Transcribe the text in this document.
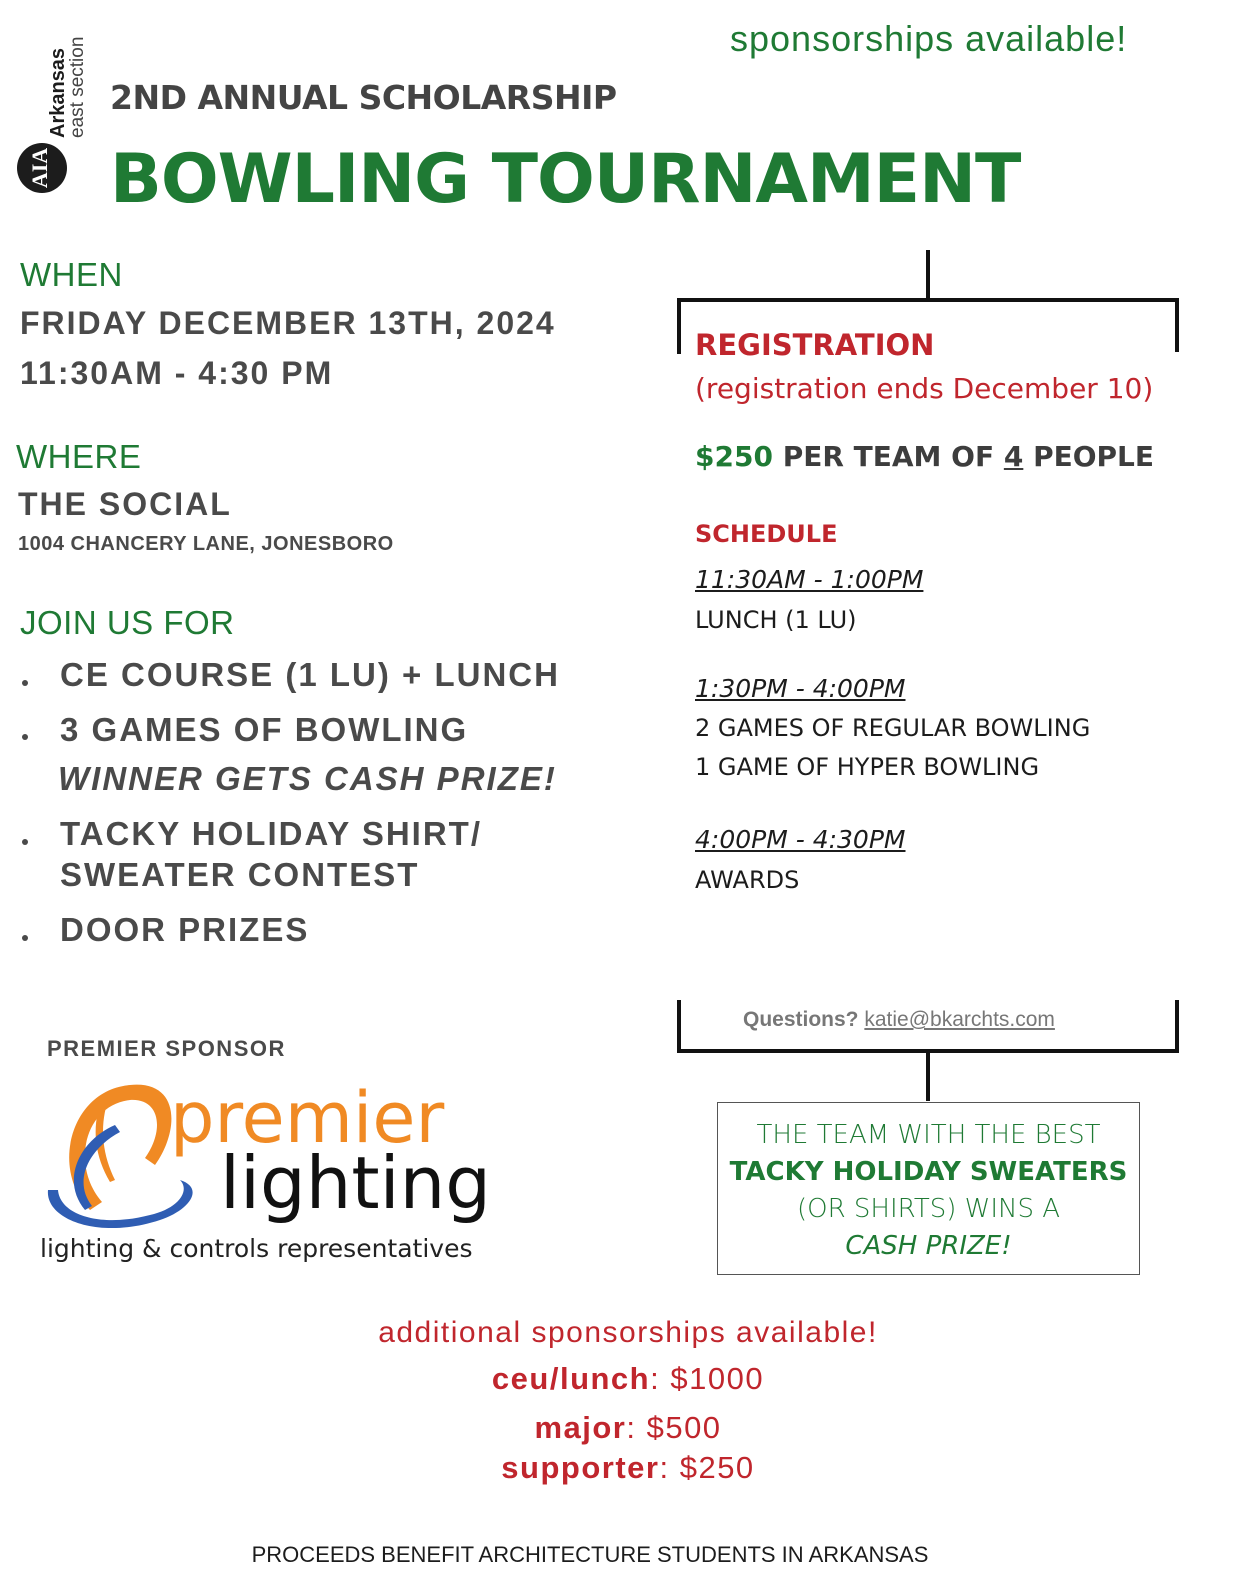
AIA
Arkansas
east section	sponsorships available!
2ND ANNUAL SCHOLARSHIP
BOWLING TOURNAMENT
WHEN
FRIDAY DECEMBER 13TH, 2024
11:30AM - 4:30 PM
WHERE
THE SOCIAL
1004 CHANCERY LANE, JONESBORO
JOIN US FOR
CE COURSE (1 LU) + LUNCH
3 GAMES OF BOWLING
WINNER GETS CASH PRIZE!
TACKY HOLIDAY SHIRT/
SWEATER CONTEST
DOOR PRIZES
REGISTRATION
(registration ends December 10)
$250 PER TEAM OF 4 PEOPLE
SCHEDULE
11:30AM - 1:00PM
LUNCH (1 LU)
1:30PM - 4:00PM
2 GAMES OF REGULAR BOWLING
1 GAME OF HYPER BOWLING
4:00PM - 4:30PM
AWARDS
Questions? katie@bkarchts.com
THE TEAM WITH THE BEST
TACKY HOLIDAY SWEATERS
(OR SHIRTS) WINS A
CASH PRIZE!
PREMIER SPONSOR
premier
lighting
lighting & controls representatives
additional sponsorships available!
ceu/lunch: $1000
major: $500
supporter: $250
PROCEEDS BENEFIT ARCHITECTURE STUDENTS IN ARKANSAS
